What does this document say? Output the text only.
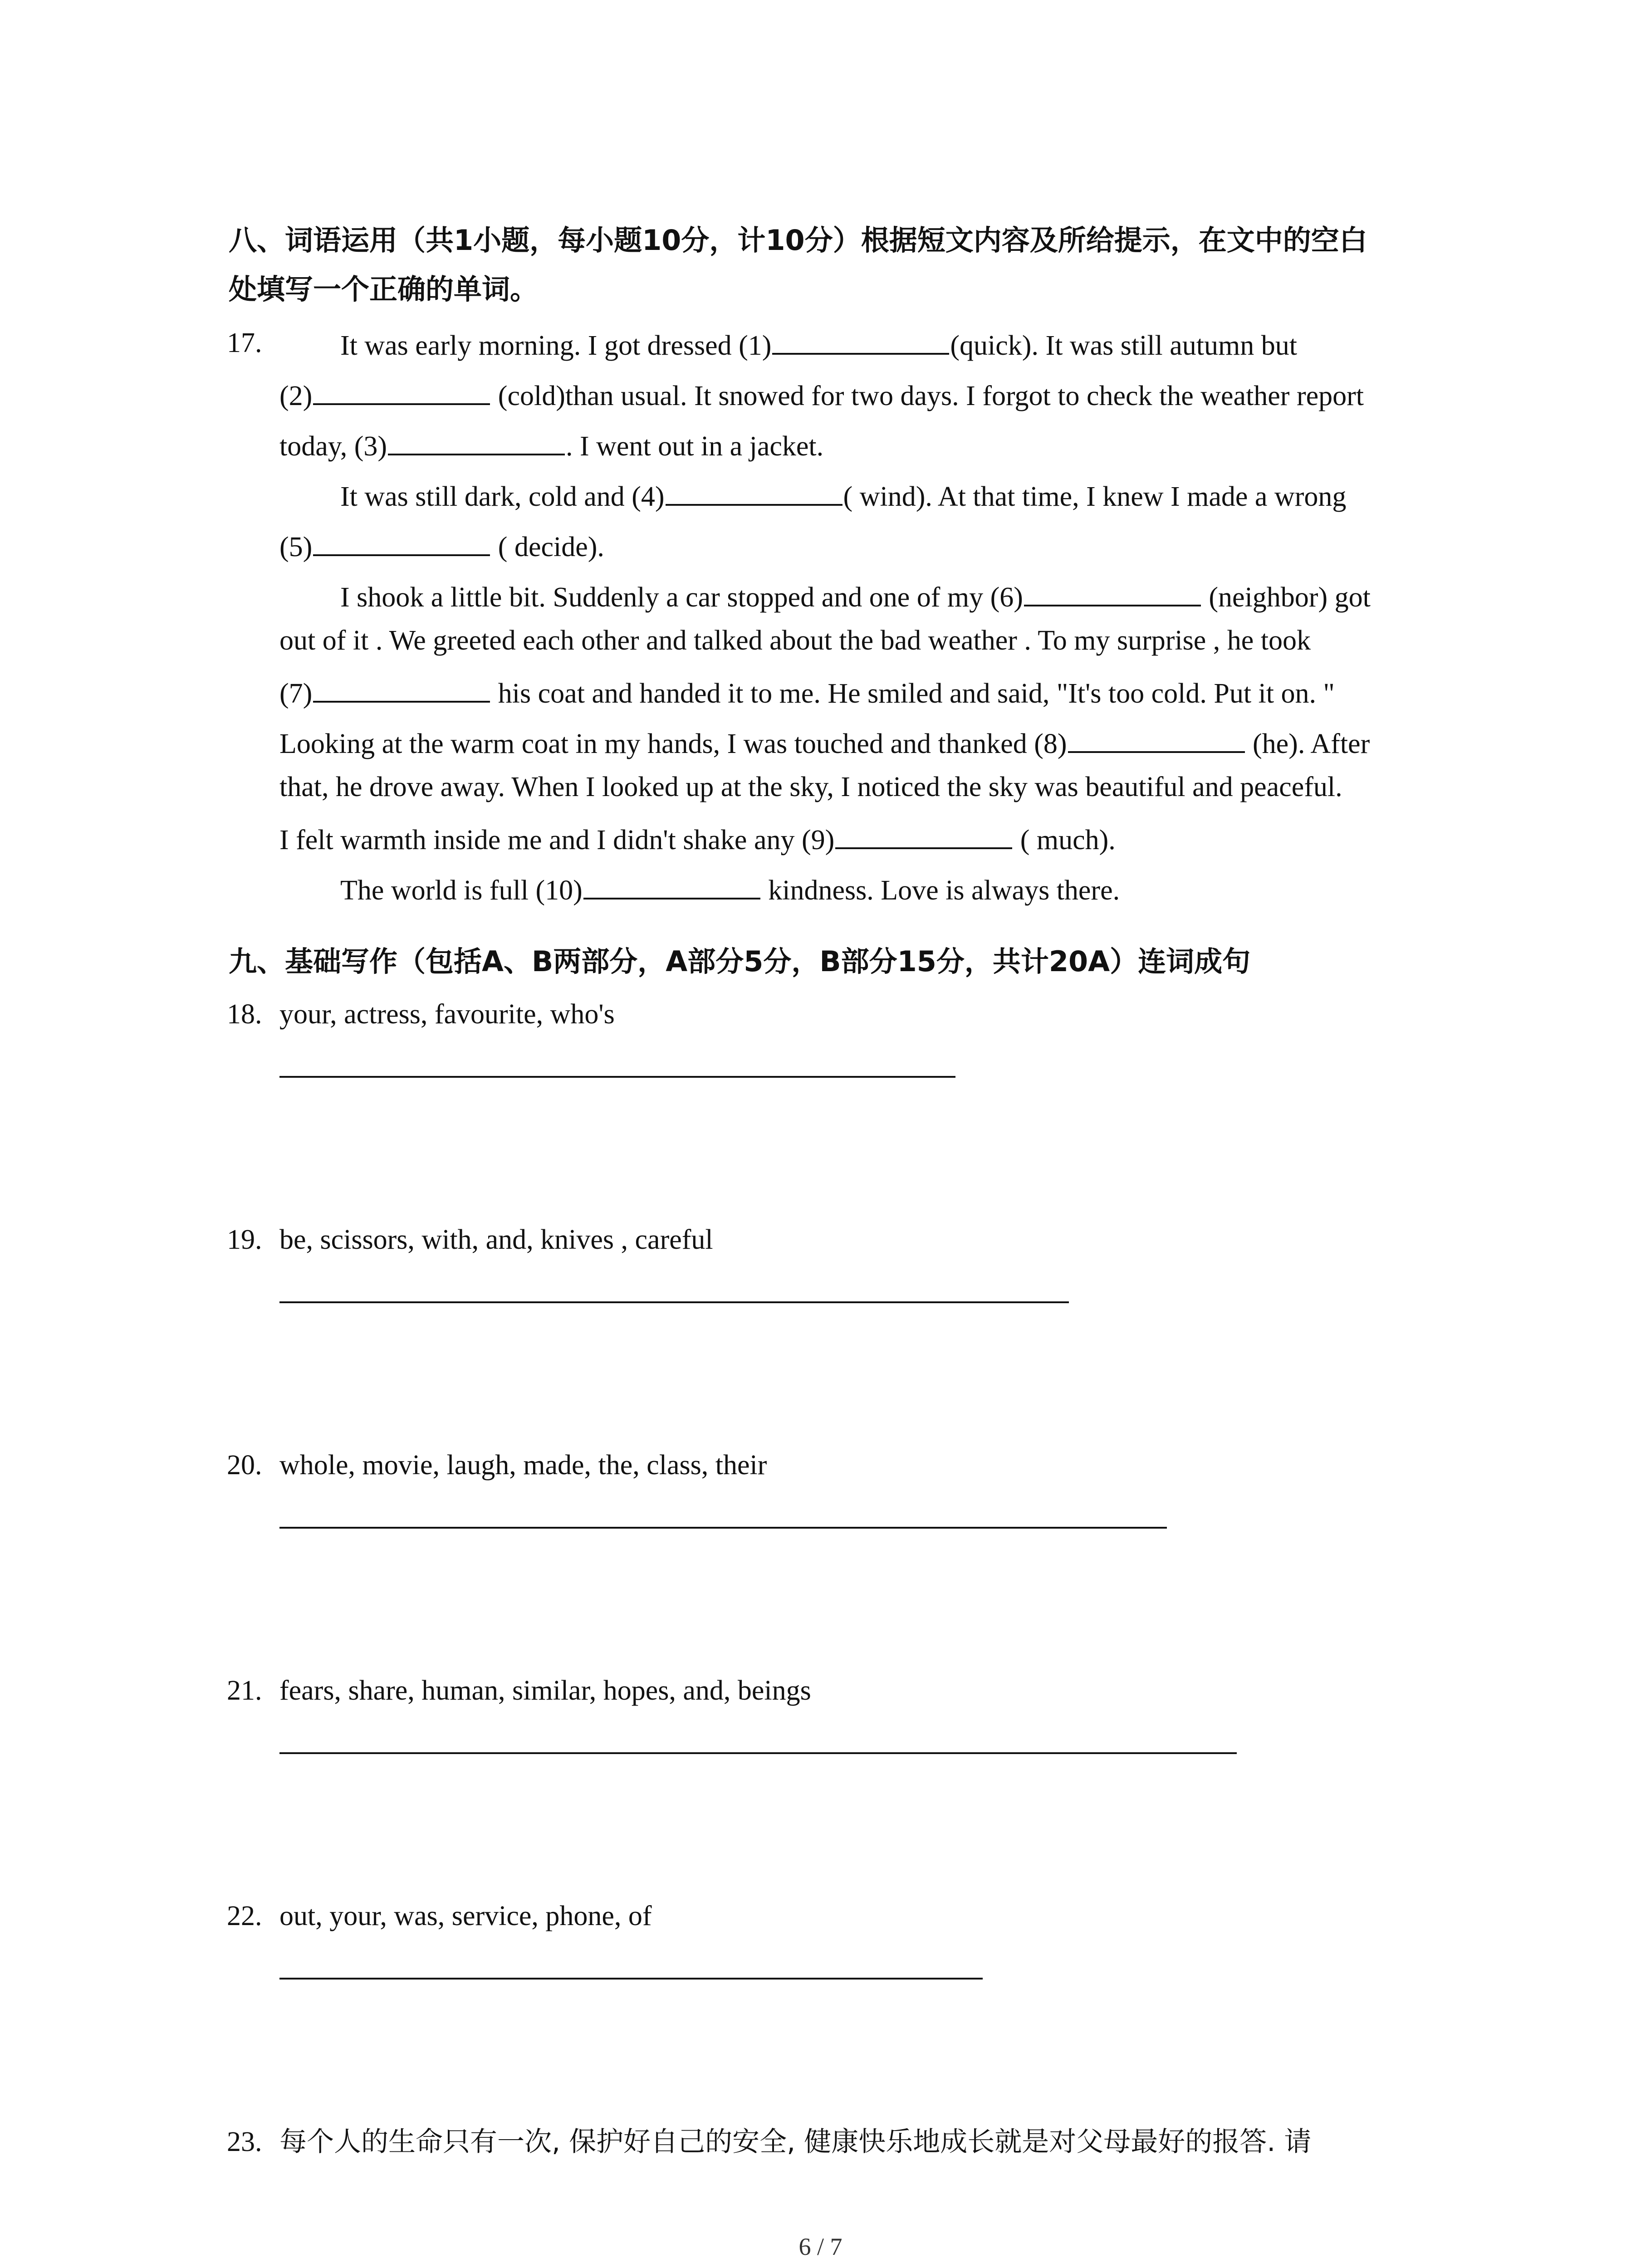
八、词语运用（共1小题，每小题10分，计10分）根据短文内容及所给提示，在文中的空白
处填写一个正确的单词。
17.	It was early morning. I got dressed (1)	(quick). It was still autumn but
(2)	(cold)than usual. It snowed for two days. I forgot to check the weather report
today, (3)	. I went out in a jacket.
It was still dark, cold and (4)	( wind). At that time, I knew I made a wrong
(5)	( decide).
I shook a little bit. Suddenly a car stopped and one of my (6)	(neighbor) got
out of it . We greeted each other and talked about the bad weather . To my surprise , he took
(7)	his coat and handed it to me. He smiled and said, "It's too cold. Put it on. "
Looking at the warm coat in my hands, I was touched and thanked (8)	(he). After
that, he drove away. When I looked up at the sky, I noticed the sky was beautiful and peaceful.
I felt warmth inside me and I didn't shake any (9)	( much).
The world is full (10)	kindness. Love is always there.
九、基础写作（包括A、B两部分，A部分5分，B部分15分，共计20A）连词成句
18. your, actress, favourite, who's
19. be, scissors, with, and, knives , careful
20. whole, movie, laugh, made, the, class, their
21. fears, share, human, similar, hopes, and, beings
22. out, your, was, service, phone, of
23. 每个人的生命只有一次, 保护好自己的安全, 健康快乐地成长就是对父母最好的报答. 请
6 / 7
